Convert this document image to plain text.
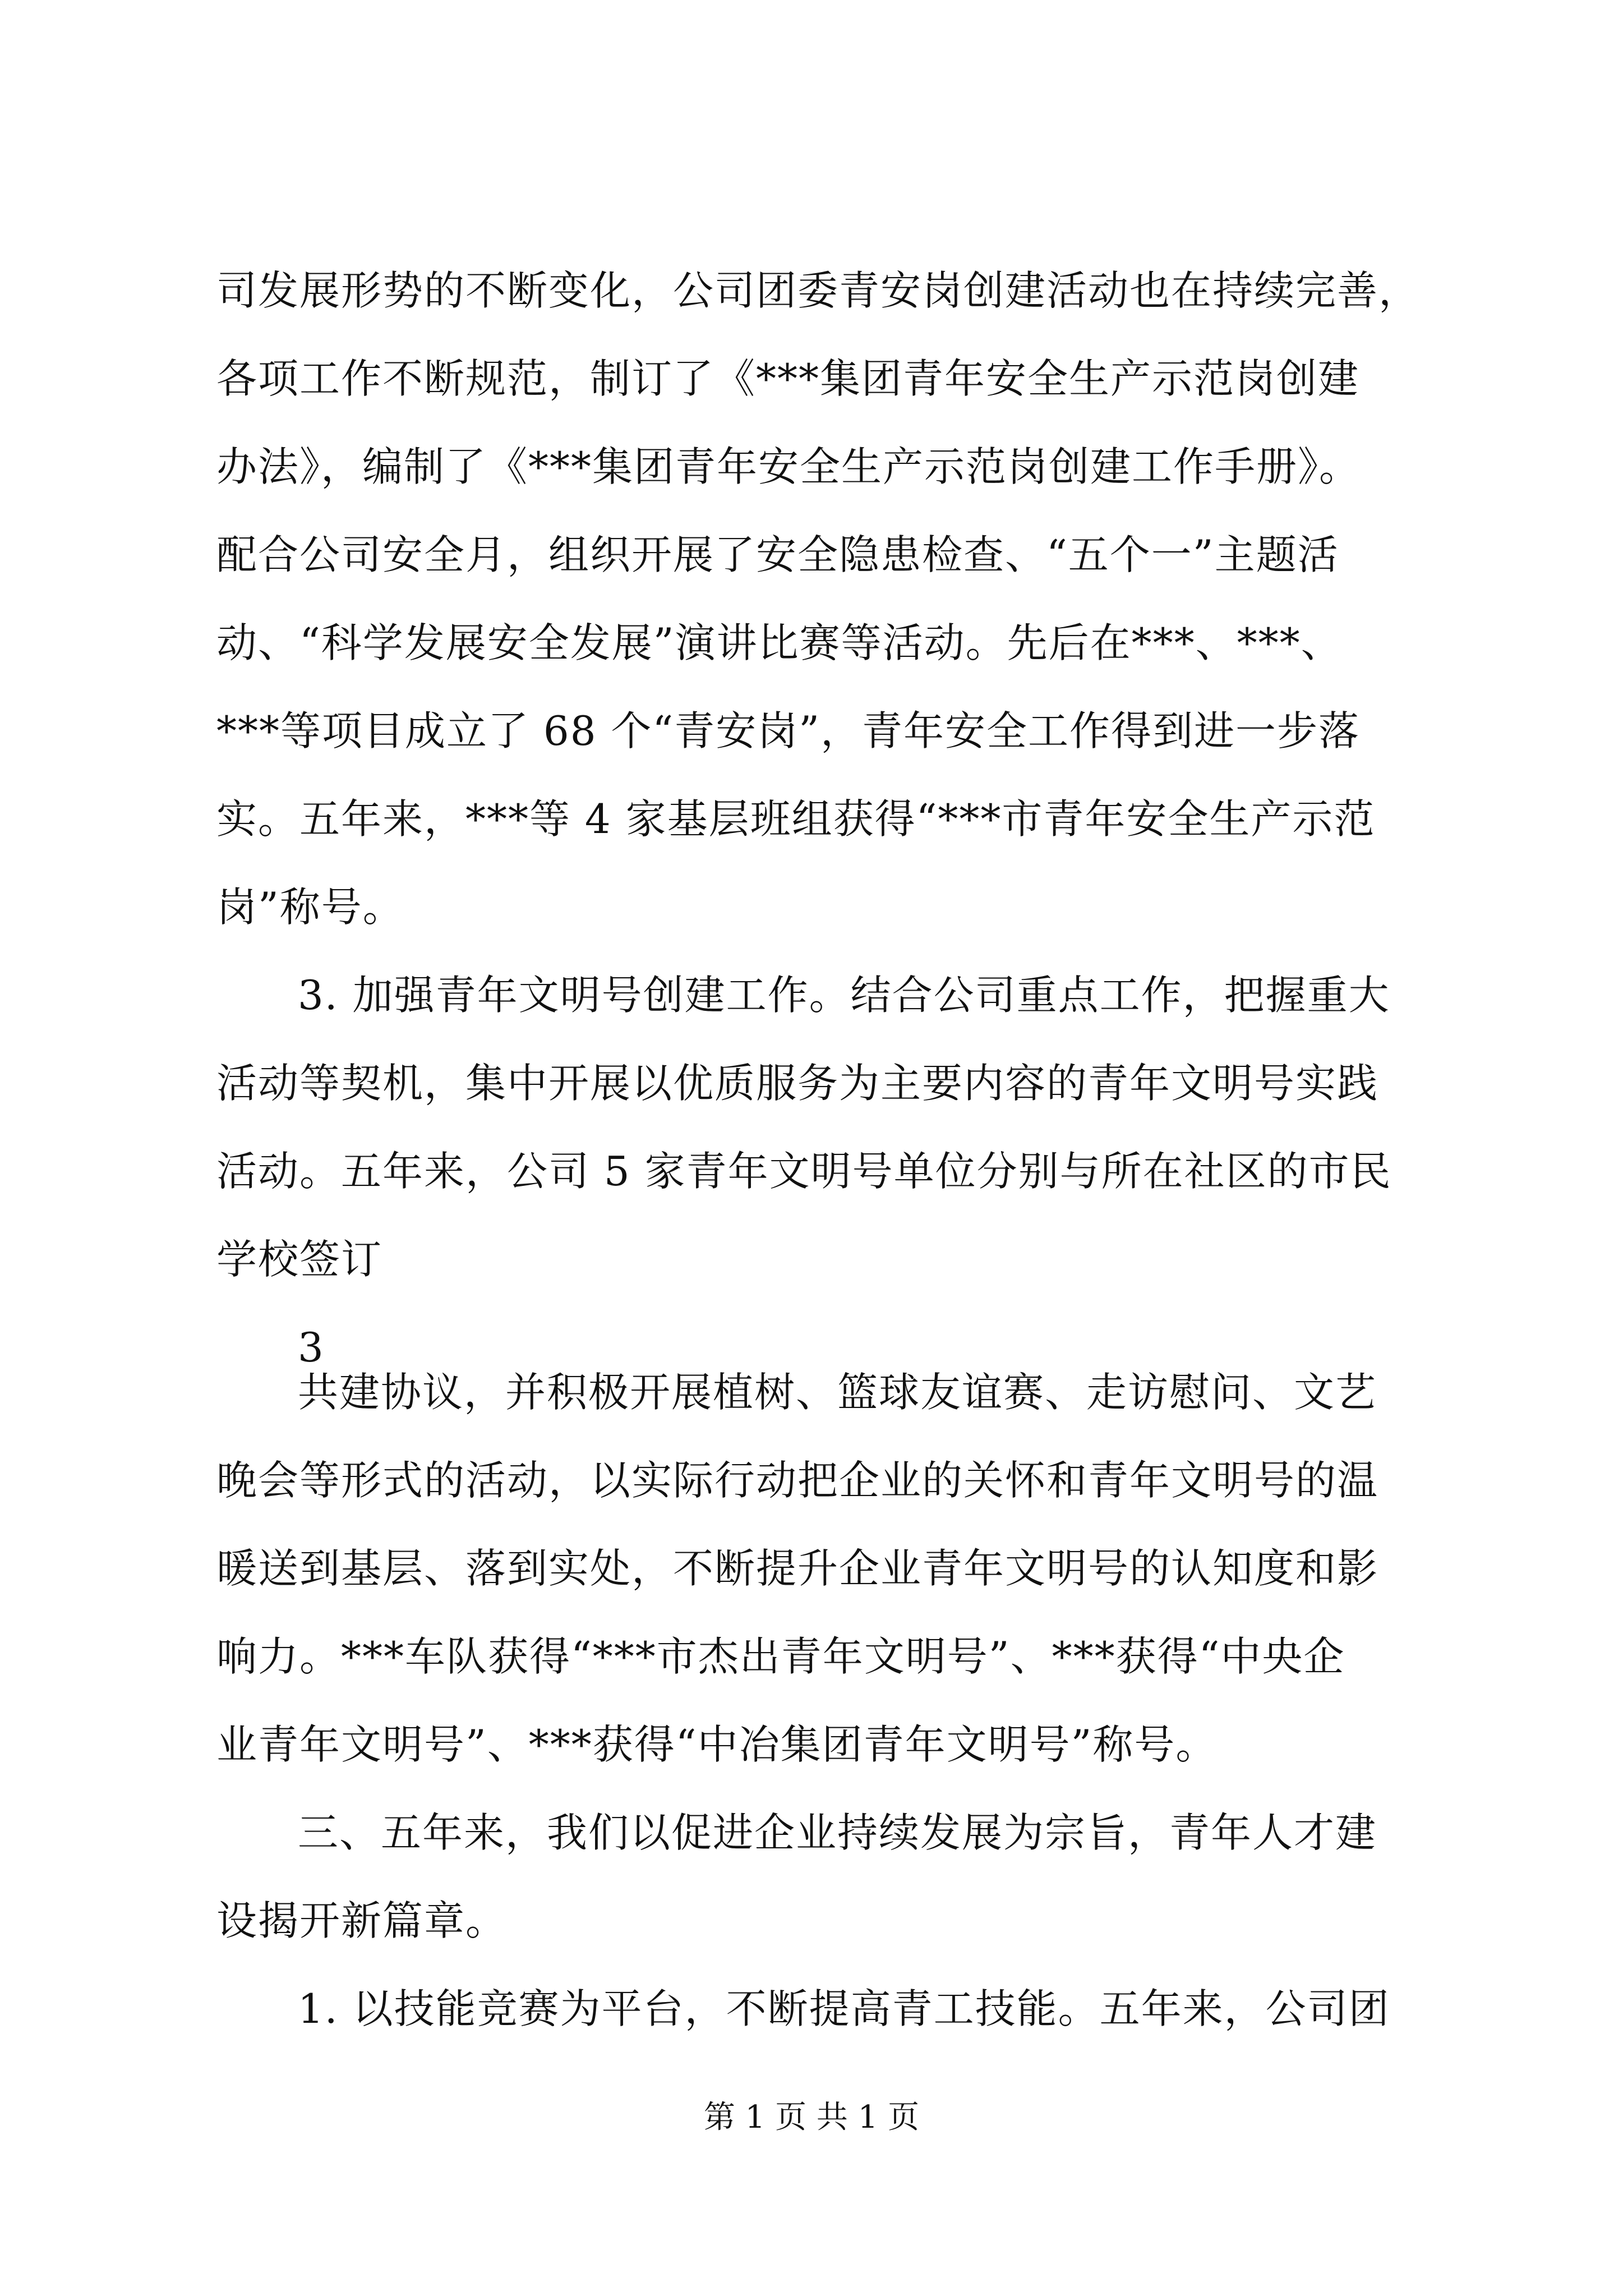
司发展形势的不断变化，公司团委青安岗创建活动也在持续完善，
各项工作不断规范，制订了《***集团青年安全生产示范岗创建
办法》，编制了《***集团青年安全生产示范岗创建工作手册》。
配合公司安全月，组织开展了安全隐患检查、“五个一”主题活
动、“科学发展安全发展”演讲比赛等活动。先后在***、***、
***等项目成立了 68 个“青安岗”，青年安全工作得到进一步落
实。五年来，***等 4 家基层班组获得“***市青年安全生产示范
岗”称号。
3. 加强青年文明号创建工作。结合公司重点工作，把握重大
活动等契机，集中开展以优质服务为主要内容的青年文明号实践
活动。五年来，公司 5 家青年文明号单位分别与所在社区的市民
学校签订
3
共建协议，并积极开展植树、篮球友谊赛、走访慰问、文艺
晚会等形式的活动，以实际行动把企业的关怀和青年文明号的温
暖送到基层、落到实处，不断提升企业青年文明号的认知度和影
响力。***车队获得“***市杰出青年文明号”、***获得“中央企
业青年文明号”、***获得“中冶集团青年文明号”称号。
三、五年来，我们以促进企业持续发展为宗旨，青年人才建
设揭开新篇章。
1. 以技能竞赛为平台，不断提高青工技能。五年来，公司团
第 1 页 共 1 页
